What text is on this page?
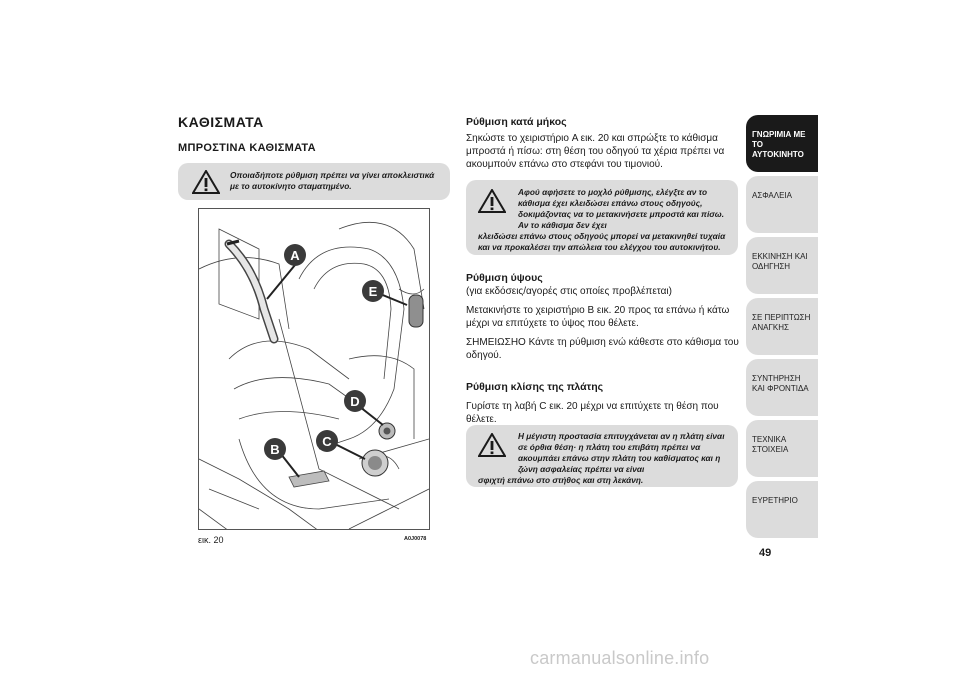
ΚΑΘΙΣΜΑΤΑ
ΜΠΡΟΣΤΙΝΑ ΚΑΘΙΣΜΑΤΑ
Οποιαδήποτε ρύθμιση πρέπει να γίνει αποκλειστικά με το αυτοκίνητο σταματημένο.
A
E
D
C
B
εικ. 20	A0J0078
Ρύθμιση κατά μήκος
Σηκώστε το χειριστήριο A εικ. 20 και σπρώξτε το κάθισμα μπροστά ή πίσω: στη θέση του οδηγού τα χέρια πρέπει να ακουμπούν επάνω στο στεφάνι του τιμονιού.
Αφού αφήσετε το μοχλό ρύθμισης, ελέγξτε αν το κάθισμα έχει κλειδώσει επάνω στους οδηγούς, δοκιμάζοντας να το μετακινήσετε μπροστά και πίσω. Αν το κάθισμα δεν έχει
κλειδώσει επάνω στους οδηγούς μπορεί να μετακινηθεί τυχαία και να προκαλέσει την απώλεια του ελέγχου του αυτοκινήτου.
Ρύθμιση ύψους
(για εκδόσεις/αγορές στις οποίες προβλέπεται)
Μετακινήστε το χειριστήριο B εικ. 20 προς τα επάνω ή κάτω μέχρι να επιτύχετε το ύψος που θέλετε.
ΣΗΜΕΙΩΣΗΟ Κάντε τη ρύθμιση ενώ κάθεστε στο κάθισμα του οδηγού.
Ρύθμιση κλίσης της πλάτης
Γυρίστε τη λαβή C εικ. 20 μέχρι να επιτύχετε τη θέση που θέλετε.
Η μέγιστη προστασία επιτυγχάνεται αν η πλάτη είναι σε όρθια θέση· η πλάτη του επιβάτη πρέπει να ακουμπάει επάνω στην πλάτη του καθίσματος και η ζώνη ασφαλείας πρέπει να είναι
σφιχτή επάνω στο στήθος και στη λεκάνη.
ΓΝΩΡΙΜΙΑ ΜΕ ΤΟ ΑΥΤΟΚΙΝΗΤΟ
ΑΣΦΑΛΕΙΑ
ΕΚΚΙΝΗΣΗ ΚΑΙ ΟΔΗΓΗΣΗ
ΣΕ ΠΕΡΙΠΤΩΣΗ ΑΝΑΓΚΗΣ
ΣΥΝΤΗΡΗΣΗ ΚΑΙ ΦΡΟΝΤΙΔΑ
ΤΕΧΝΙΚΑ ΣΤΟΙΧΕΙΑ
ΕΥΡΕΤΗΡΙΟ
49
carmanualsonline.info
